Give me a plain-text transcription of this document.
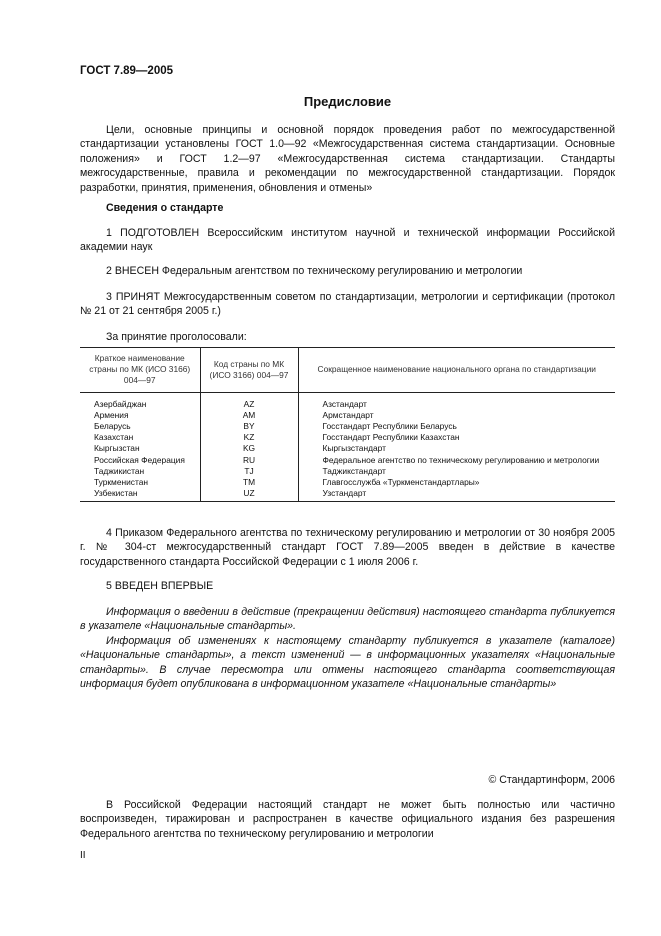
ГОСТ 7.89—2005
Предисловие

Цели, основные принципы и основной порядок проведения работ по межгосударственной стандартизации установлены ГОСТ 1.0—92 «Межгосударственная система стандартизации. Основные положения» и ГОСТ 1.2—97 «Межгосударственная система стандартизации. Стандарты межгосударственные, правила и рекомендации по межгосударственной стандартизации. Порядок разработки, принятия, применения, обновления и отмены»

Сведения о стандарте

1 ПОДГОТОВЛЕН Всероссийским институтом научной и технической информации Российской академии наук

2 ВНЕСЕН Федеральным агентством по техническому регулированию и метрологии

3 ПРИНЯТ Межгосударственным советом по стандартизации, метрологии и сертификации (протокол № 21 от 21 сентября 2005 г.)

За принятие проголосовали:

Краткое наименование страны по МК (ИСО 3166) 004—97	Код страны по МК (ИСО 3166) 004—97	Сокращенное наименование национального органа по стандартизации
Азербайджан	AZ	Азстандарт
Армения	AM	Армстандарт
Беларусь	BY	Госстандарт Республики Беларусь
Казахстан	KZ	Госстандарт Республики Казахстан
Кыргызстан	KG	Кыргызстандарт
Российская Федерация	RU	Федеральное агентство по техническому регулированию и метрологии
Таджикистан	TJ	Таджикстандарт
Туркменистан	TM	Главгосслужба «Туркменстандартлары»
Узбекистан	UZ	Узстандарт

4 Приказом Федерального агентства по техническому регулированию и метрологии от 30 ноября 2005 г. № 304-ст межгосударственный стандарт ГОСТ 7.89—2005 введен в действие в качестве государственного стандарта Российской Федерации с 1 июля 2006 г.

5 ВВЕДЕН ВПЕРВЫЕ

Информация о введении в действие (прекращении действия) настоящего стандарта публикуется в указателе «Национальные стандарты».

Информация об изменениях к настоящему стандарту публикуется в указателе (каталоге) «Национальные стандарты», а текст изменений — в информационных указателях «Национальные стандарты». В случае пересмотра или отмены настоящего стандарта соответствующая информация будет опубликована в информационном указателе «Национальные стандарты»

© Стандартинформ, 2006

В Российской Федерации настоящий стандарт не может быть полностью или частично воспроизведен, тиражирован и распространен в качестве официального издания без разрешения Федерального агентства по техническому регулированию и метрологии

II
